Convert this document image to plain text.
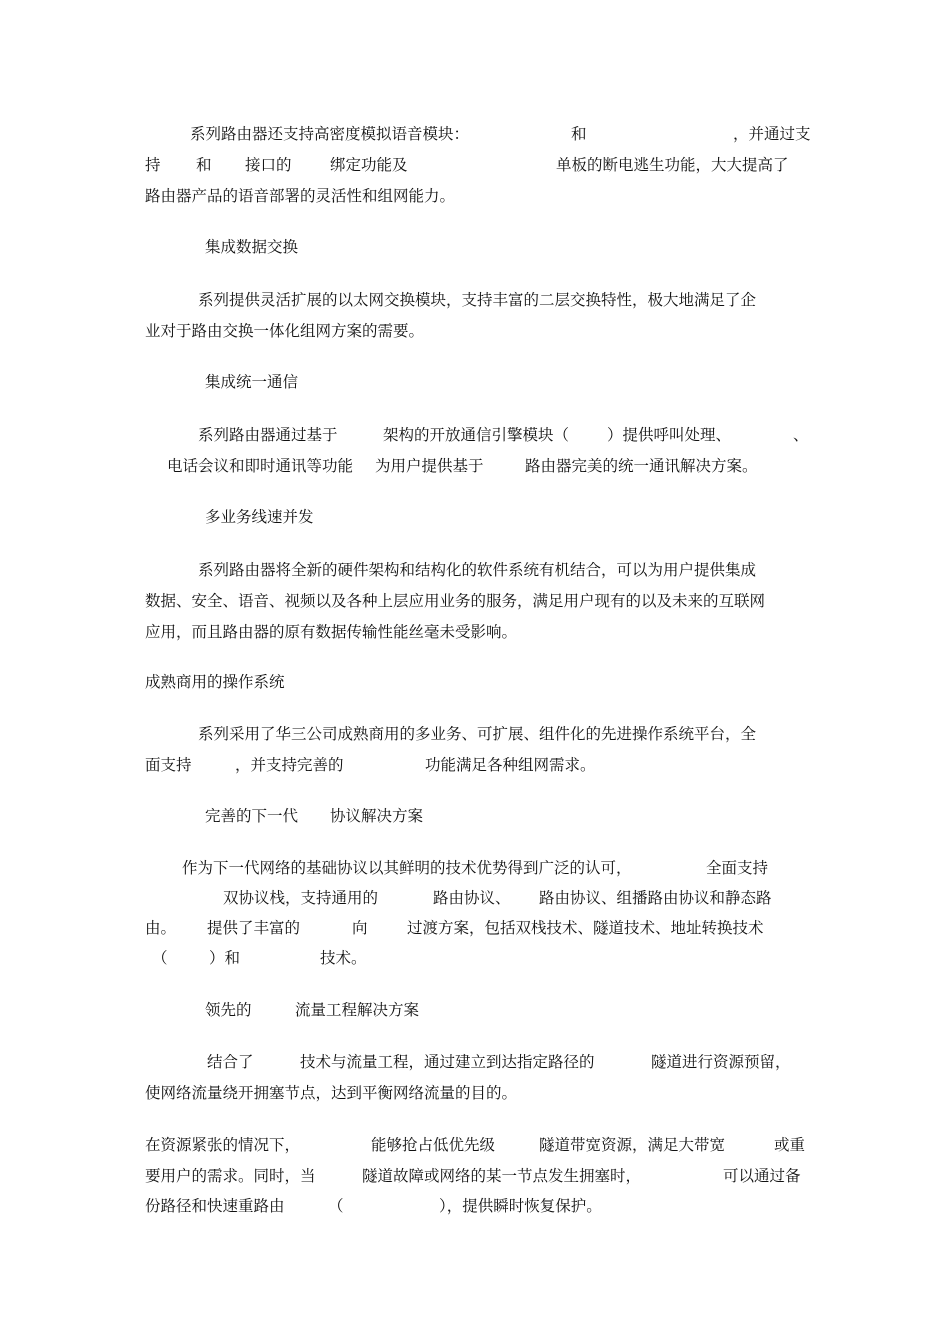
系列路由器还支持高密度模拟语音模块：	和	，并通过支
持 和 接口的 绑定功能及	单板的断电逃生功能，大大提高了
路由器产品的语音部署的灵活性和组网能力。
集成数据交换
系列提供灵活扩展的以太网交换模块，支持丰富的二层交换特性，极大地满足了企
业对于路由交换一体化组网方案的需要。
集成统一通信
系列路由器通过基于	架构的开放通信引擎模块（ ）提供呼叫处理、	、
电话会议和即时通讯等功能 为用户提供基于	路由器完美的统一通讯解决方案。
多业务线速并发
系列路由器将全新的硬件架构和结构化的软件系统有机结合，可以为用户提供集成
数据、安全、语音、视频以及各种上层应用业务的服务，满足用户现有的以及未来的互联网
应用，而且路由器的原有数据传输性能丝毫未受影响。
成熟商用的操作系统
系列采用了华三公司成熟商用的多业务、可扩展、组件化的先进操作系统平台，全
面支持	，并支持完善的	功能满足各种组网需求。
完善的下一代 协议解决方案
作为下一代网络的基础协议以其鲜明的技术优势得到广泛的认可，	全面支持
双协议栈，支持通用的	路由协议、 路由协议、组播路由协议和静态路
由。 提供了丰富的	向	过渡方案，包括双栈技术、隧道技术、地址转换技术
（	）和	技术。
领先的	流量工程解决方案
结合了	技术与流量工程，通过建立到达指定路径的	隧道进行资源预留，
使网络流量绕开拥塞节点，达到平衡网络流量的目的。
在资源紧张的情况下，	能够抢占低优先级	隧道带宽资源，满足大带宽	或重
要用户的需求。同时，当	隧道故障或网络的某一节点发生拥塞时，	可以通过备
份路径和快速重路由	（	），提供瞬时恢复保护。
